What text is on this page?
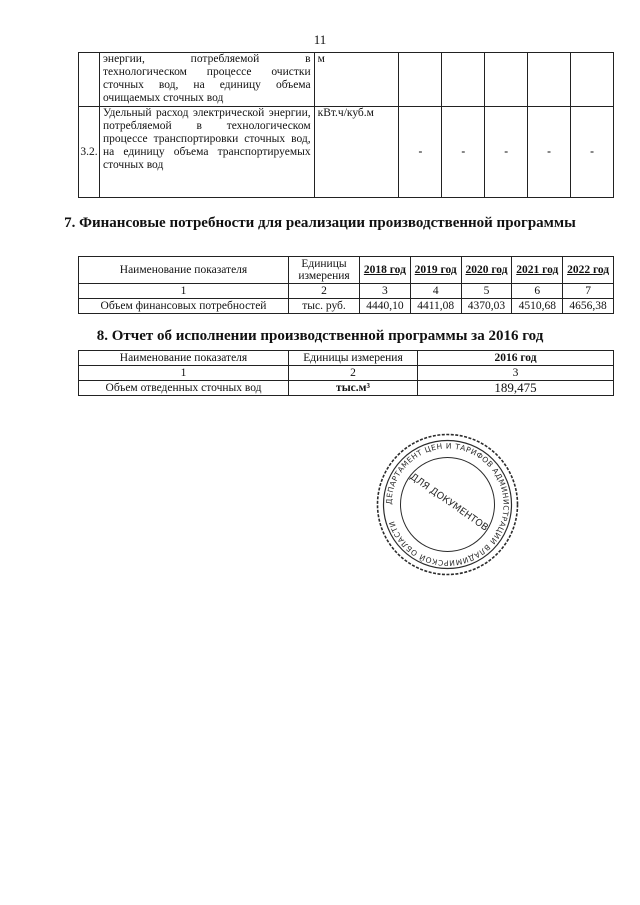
11
	энергии, потребляемой в технологическом процессе очистки сточных вод, на единицу объема очищаемых сточных вод	м					
3.2.	Удельный расход электрической энергии, потребляемой в технологическом процессе транспортировки сточных вод, на единицу объема транспортируемых сточных вод	кВт.ч/куб.м	-	-	-	-	-
7. Финансовые потребности для реализации производственной программы
Наименование показателя	Единицы измерения	2018 год	2019 год	2020 год	2021 год	2022 год
1	2	3	4	5	6	7
Объем финансовых потребностей	тыс. руб.	4440,10	4411,08	4370,03	4510,68	4656,38
8. Отчет об исполнении производственной программы за 2016 год
Наименование показателя	Единицы измерения	2016 год
1	2	3
Объем отведенных сточных вод	тыс.м³	189,475
ДЕПАРТАМЕНТ ЦЕН И ТАРИФОВ АДМИНИСТРАЦИИ ВЛАДИМИРСКОЙ ОБЛАСТИ	ДЛЯ ДОКУМЕНТОВ
